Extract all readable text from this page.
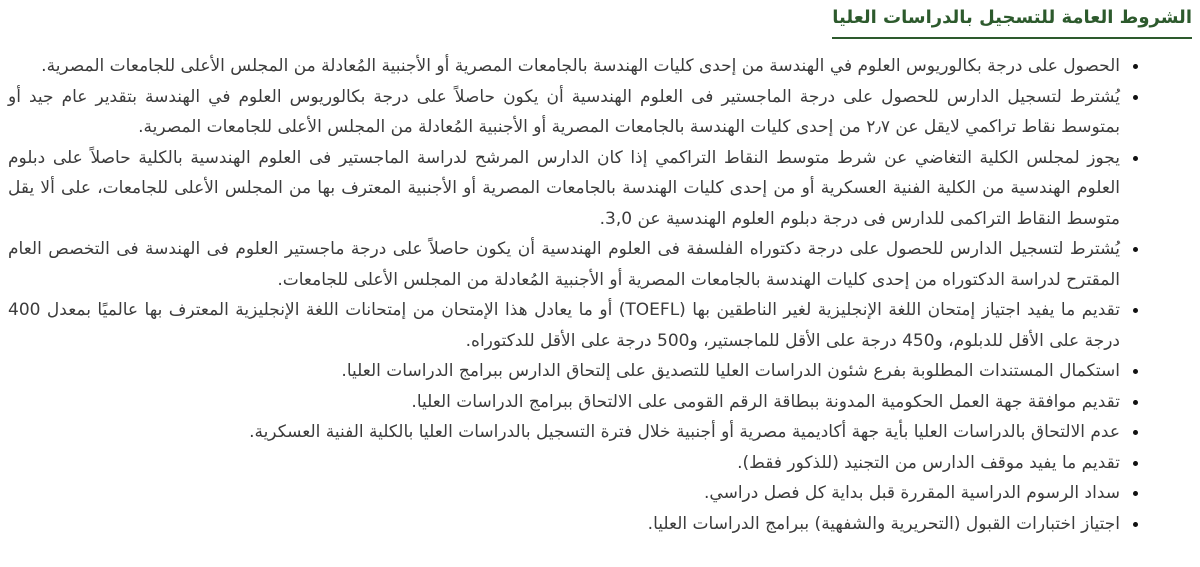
الشروط العامة للتسجيل بالدراسات العليا
• الحصول على درجة بكالوريوس العلوم في الهندسة من إحدى كليات الهندسة بالجامعات المصرية أو الأجنبية المُعادلة من المجلس الأعلى للجامعات المصرية.
• يُشترط لتسجيل الدارس للحصول على درجة الماجستير فى العلوم الهندسية أن يكون حاصلاً على درجة بكالوريوس العلوم في الهندسة بتقدير عام جيد أو بمتوسط نقاط تراكمي لايقل عن ٢٫٧ من إحدى كليات الهندسة بالجامعات المصرية أو الأجنبية المُعادلة من المجلس الأعلى للجامعات المصرية.
• يجوز لمجلس الكلية التغاضي عن شرط متوسط النقاط التراكمي إذا كان الدارس المرشح لدراسة الماجستير فى العلوم الهندسية بالكلية حاصلاً على دبلوم العلوم الهندسية من الكلية الفنية العسكرية أو من إحدى كليات الهندسة بالجامعات المصرية أو الأجنبية المعترف بها من المجلس الأعلى للجامعات، على ألا يقل متوسط النقاط التراكمى للدارس فى درجة دبلوم العلوم الهندسية عن 3,0.
• يُشترط لتسجيل الدارس للحصول على درجة دكتوراه الفلسفة فى العلوم الهندسية أن يكون حاصلاً على درجة ماجستير العلوم فى الهندسة فى التخصص العام المقترح لدراسة الدكتوراه من إحدى كليات الهندسة بالجامعات المصرية أو الأجنبية المُعادلة من المجلس الأعلى للجامعات.
• تقديم ما يفيد اجتياز إمتحان اللغة الإنجليزية لغير الناطقين بها (TOEFL) أو ما يعادل هذا الإمتحان من إمتحانات اللغة الإنجليزية المعترف بها عالميًا بمعدل 400 درجة على الأقل للدبلوم، و450 درجة على الأقل للماجستير، و500 درجة على الأقل للدكتوراه.
• استكمال المستندات المطلوبة بفرع شئون الدراسات العليا للتصديق على إلتحاق الدارس ببرامج الدراسات العليا.
• تقديم موافقة جهة العمل الحكومية المدونة ببطاقة الرقم القومى على الالتحاق ببرامج الدراسات العليا.
• عدم الالتحاق بالدراسات العليا بأية جهة أكاديمية مصرية أو أجنبية خلال فترة التسجيل بالدراسات العليا بالكلية الفنية العسكرية.
• تقديم ما يفيد موقف الدارس من التجنيد (للذكور فقط).
• سداد الرسوم الدراسية المقررة قبل بداية كل فصل دراسي.
• اجتياز اختبارات القبول (التحريرية والشفهية) ببرامج الدراسات العليا.
